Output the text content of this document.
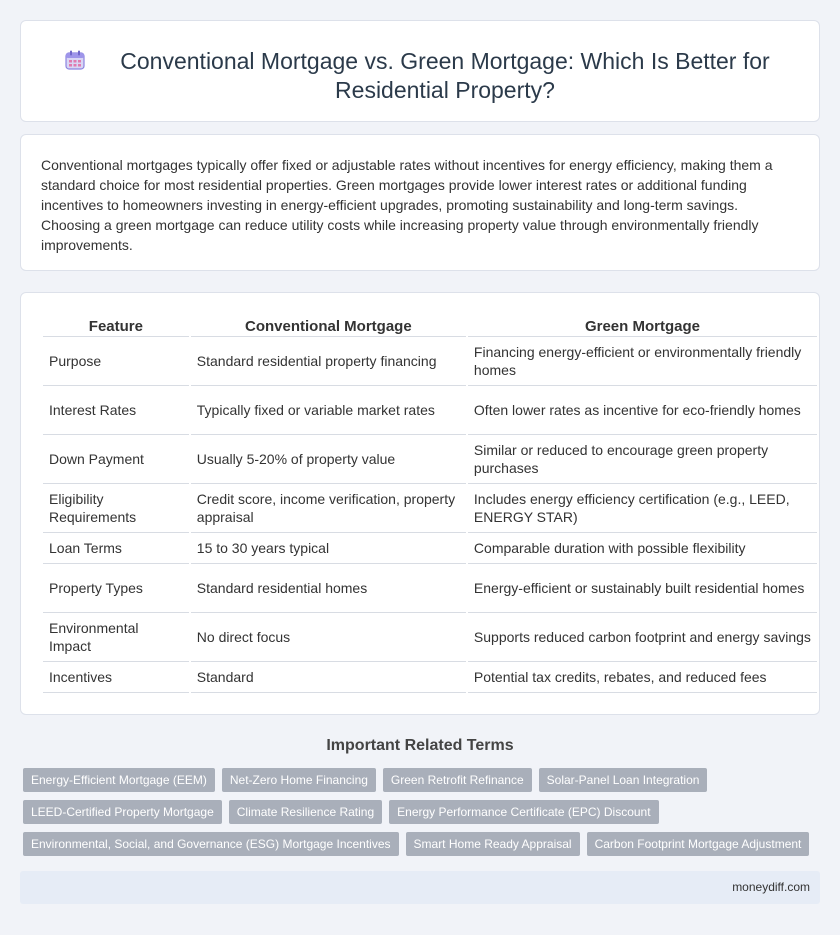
Conventional Mortgage vs. Green Mortgage: Which Is Better for Residential Property?

Conventional mortgages typically offer fixed or adjustable rates without incentives for energy efficiency, making them a standard choice for most residential properties. Green mortgages provide lower interest rates or additional funding incentives to homeowners investing in energy-efficient upgrades, promoting sustainability and long-term savings. Choosing a green mortgage can reduce utility costs while increasing property value through environmentally friendly improvements.

Feature	Conventional Mortgage	Green Mortgage
Purpose	Standard residential property financing	Financing energy-efficient or environmentally friendly homes
Interest Rates	Typically fixed or variable market rates	Often lower rates as incentive for eco-friendly homes
Down Payment	Usually 5-20% of property value	Similar or reduced to encourage green property purchases
Eligibility Requirements	Credit score, income verification, property appraisal	Includes energy efficiency certification (e.g., LEED, ENERGY STAR)
Loan Terms	15 to 30 years typical	Comparable duration with possible flexibility
Property Types	Standard residential homes	Energy-efficient or sustainably built residential homes
Environmental Impact	No direct focus	Supports reduced carbon footprint and energy savings
Incentives	Standard	Potential tax credits, rebates, and reduced fees
Important Related Terms
Energy-Efficient Mortgage (EEM)	Net-Zero Home Financing	Green Retrofit Refinance	Solar-Panel Loan Integration
LEED-Certified Property Mortgage	Climate Resilience Rating	Energy Performance Certificate (EPC) Discount
Environmental, Social, and Governance (ESG) Mortgage Incentives	Smart Home Ready Appraisal	Carbon Footprint Mortgage Adjustment
moneydiff.com
